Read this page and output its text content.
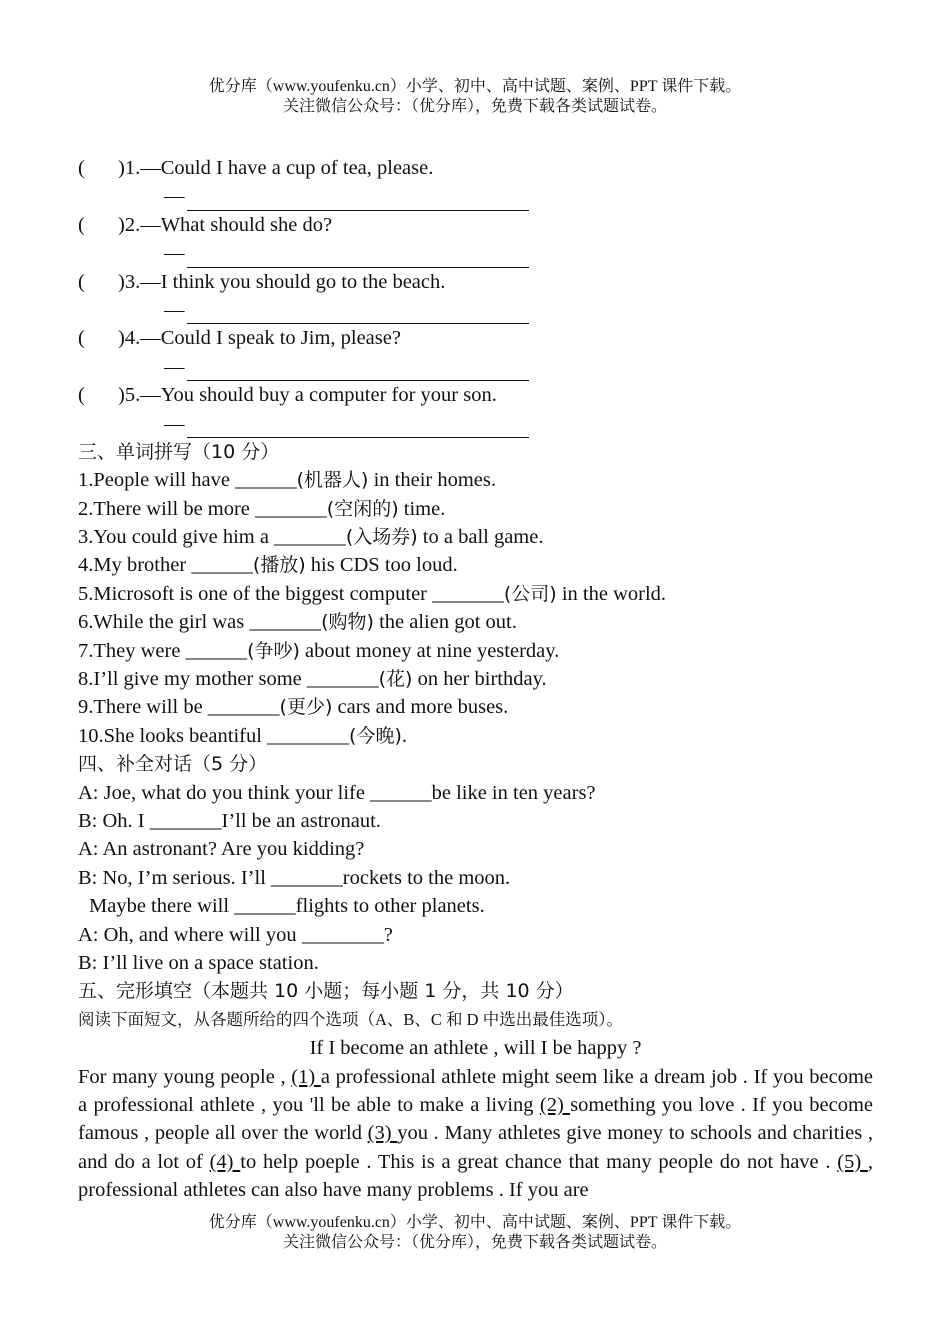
优分库（www.youfenku.cn）小学、初中、高中试题、案例、PPT 课件下载。
关注微信公众号：（优分库），免费下载各类试题试卷。
( )1.—Could I have a cup of tea, please.
—
( )2.—What should she do?
—
( )3.—I think you should go to the beach.
—
( )4.—Could I speak to Jim, please?
—
( )5.—You should buy a computer for your son.
—
三、单词拼写（10 分）
1.People will have ______(机器人) in their homes.
2.There will be more _______(空闲的) time.
3.You could give him a _______(入场券) to a ball game.
4.My brother ______(播放) his CDS too loud.
5.Microsoft is one of the biggest computer _______(公司) in the world.
6.While the girl was _______(购物) the alien got out.
7.They were ______(争吵) about money at nine yesterday.
8.I’ll give my mother some _______(花) on her birthday.
9.There will be _______(更少) cars and more buses.
10.She looks beantiful ________(今晚).
四、补全对话（5 分）
A: Joe, what do you think your life ______be like in ten years?
B: Oh. I _______I’ll be an astronaut.
A: An astronant? Are you kidding?
B: No, I’m serious. I’ll _______rockets to the moon.
Maybe there will ______flights to other planets.
A: Oh, and where will you ________?
B: I’ll live on a space station.
五、完形填空（本题共 10 小题；每小题 1 分，共 10 分）
阅读下面短文，从各题所给的四个选项（A、B、C 和 D 中选出最佳选项）。
If I become an athlete , will I be happy ?
For many young people , (1) a professional athlete might seem like a dream job . If you become a professional athlete , you 'll be able to make a living (2) something you love . If you become famous , people all over the world (3) you . Many athletes give money to schools and charities , and do a lot of (4) to help poeple . This is a great chance that many people do not have . (5) , professional athletes can also have many problems . If you are
优分库（www.youfenku.cn）小学、初中、高中试题、案例、PPT 课件下载。
关注微信公众号：（优分库），免费下载各类试题试卷。
